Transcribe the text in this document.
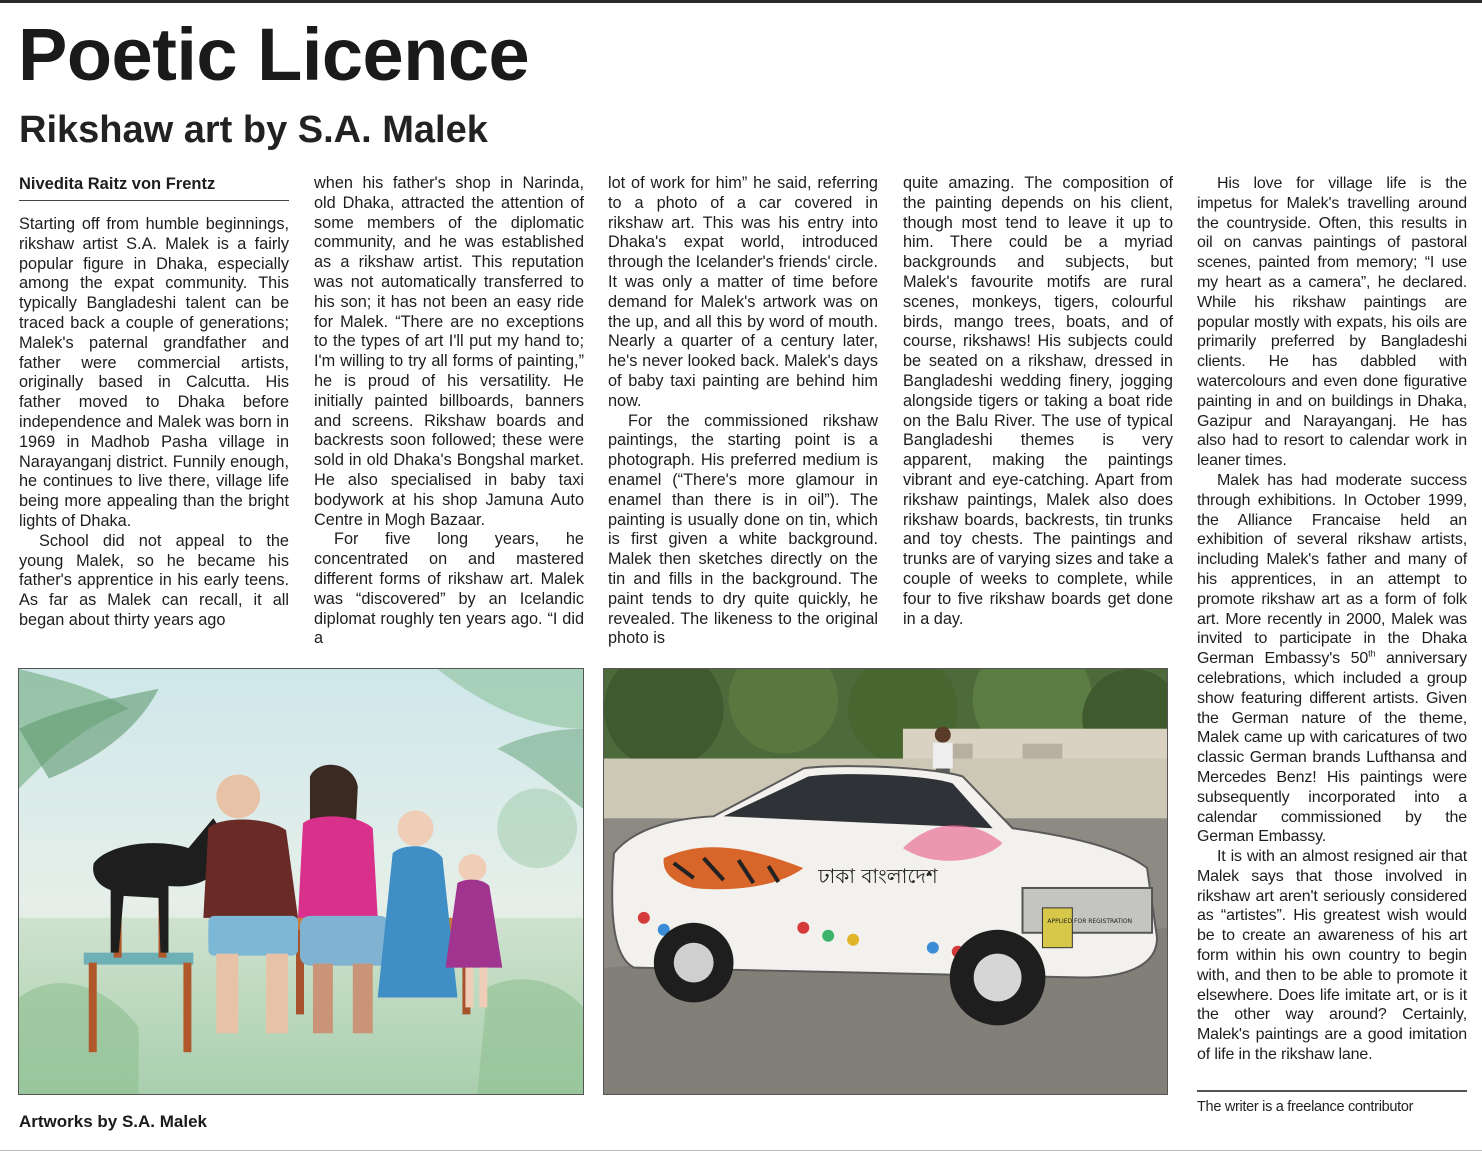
Poetic Licence
Rikshaw art by S.A. Malek
Nivedita Raitz von Frentz

Starting off from humble beginnings, rikshaw artist S.A. Malek is a fairly popular figure in Dhaka, especially among the expat community. This typically Bangladeshi talent can be traced back a couple of generations; Malek's paternal grandfather and father were commercial artists, originally based in Calcutta. His father moved to Dhaka before independence and Malek was born in 1969 in Madhob Pasha village in Narayanganj district. Funnily enough, he continues to live there, village life being more appealing than the bright lights of Dhaka.

School did not appeal to the young Malek, so he became his father's apprentice in his early teens. As far as Malek can recall, it all began about thirty years ago

when his father's shop in Narinda, old Dhaka, attracted the attention of some members of the diplomatic community, and he was established as a rikshaw artist. This reputation was not automatically transferred to his son; it has not been an easy ride for Malek. “There are no exceptions to the types of art I'll put my hand to; I'm willing to try all forms of painting,” he is proud of his versatility. He initially painted billboards, banners and screens. Rikshaw boards and backrests soon followed; these were sold in old Dhaka's Bongshal market. He also specialised in baby taxi bodywork at his shop Jamuna Auto Centre in Mogh Bazaar.

For five long years, he concentrated on and mastered different forms of rikshaw art. Malek was “discovered” by an Icelandic diplomat roughly ten years ago. “I did a

lot of work for him” he said, referring to a photo of a car covered in rikshaw art. This was his entry into Dhaka's expat world, introduced through the Icelander's friends' circle. It was only a matter of time before demand for Malek's artwork was on the up, and all this by word of mouth. Nearly a quarter of a century later, he's never looked back. Malek's days of baby taxi painting are behind him now.

For the commissioned rikshaw paintings, the starting point is a photograph. His preferred medium is enamel (“There's more glamour in enamel than there is in oil”). The painting is usually done on tin, which is first given a white background. Malek then sketches directly on the tin and fills in the background. The paint tends to dry quite quickly, he revealed. The likeness to the original photo is

quite amazing. The composition of the painting depends on his client, though most tend to leave it up to him. There could be a myriad backgrounds and subjects, but Malek's favourite motifs are rural scenes, monkeys, tigers, colourful birds, mango trees, boats, and of course, rikshaws! His subjects could be seated on a rikshaw, dressed in Bangladeshi wedding finery, jogging alongside tigers or taking a boat ride on the Balu River. The use of typical Bangladeshi themes is very apparent, making the paintings vibrant and eye-catching. Apart from rikshaw paintings, Malek also does rikshaw boards, backrests, tin trunks and toy chests. The paintings and trunks are of varying sizes and take a couple of weeks to complete, while four to five rikshaw boards get done in a day.

His love for village life is the impetus for Malek's travelling around the countryside. Often, this results in oil on canvas paintings of pastoral scenes, painted from memory; “I use my heart as a camera”, he declared. While his rikshaw paintings are popular mostly with expats, his oils are primarily preferred by Bangladeshi clients. He has dabbled with watercolours and even done figurative painting in and on buildings in Dhaka, Gazipur and Narayanganj. He has also had to resort to calendar work in leaner times.

Malek has had moderate success through exhibitions. In October 1999, the Alliance Francaise held an exhibition of several rikshaw artists, including Malek's father and many of his apprentices, in an attempt to promote rikshaw art as a form of folk art. More recently in 2000, Malek was invited to participate in the Dhaka German Embassy's 50th anniversary celebrations, which included a group show featuring different artists. Given the German nature of the theme, Malek came up with caricatures of two classic German brands Lufthansa and Mercedes Benz! His paintings were subsequently incorporated into a calendar commissioned by the German Embassy.

It is with an almost resigned air that Malek says that those involved in rikshaw art aren't seriously considered as “artistes”. His greatest wish would be to create an awareness of his art form within his own country to begin with, and then to be able to promote it elsewhere. Does life imitate art, or is it the other way around? Certainly, Malek's paintings are a good imitation of life in the rikshaw lane.

ঢাকা বাংলাদেশ
APPLIED FOR REGISTRATION
Artworks by S.A. Malek
The writer is a freelance contributor
